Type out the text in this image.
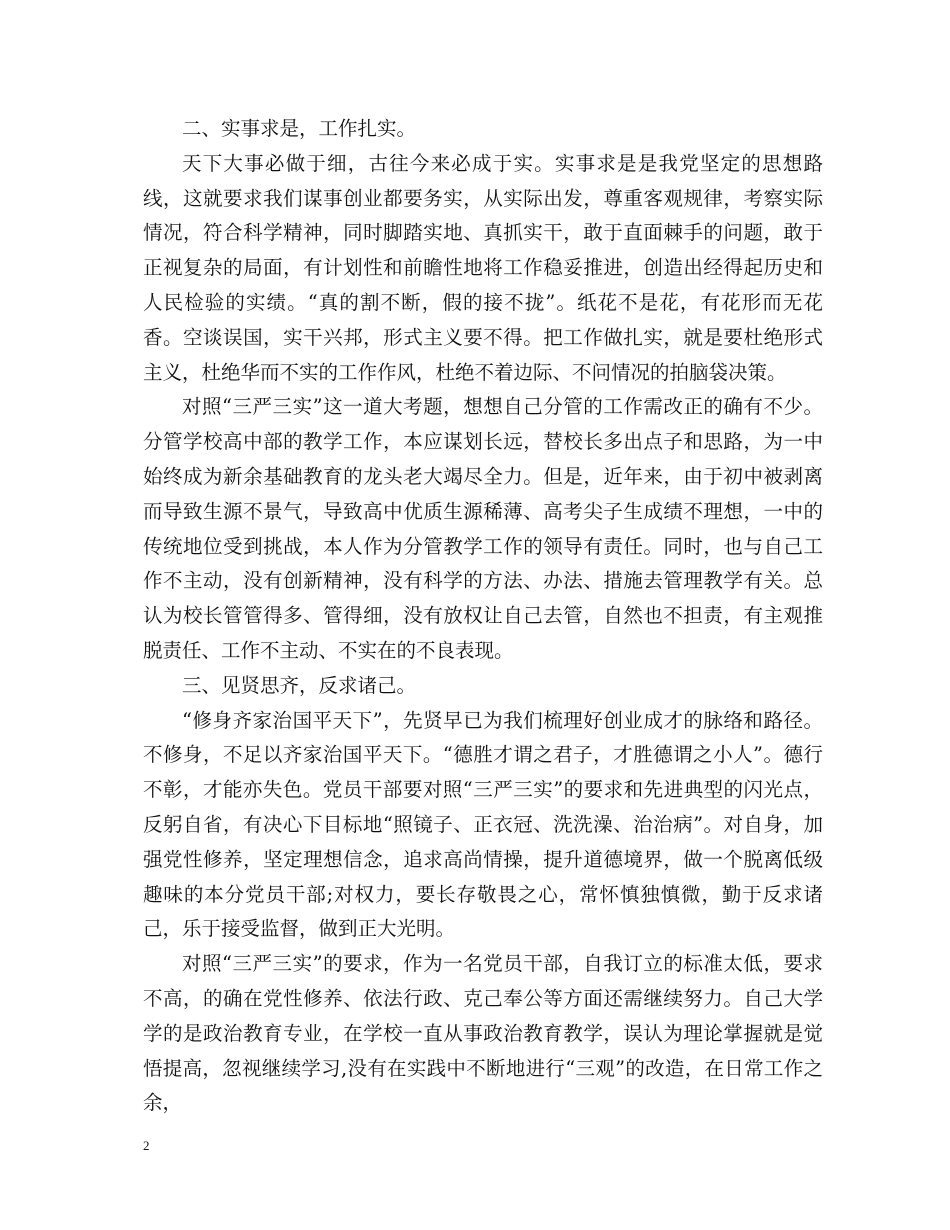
二、实事求是，工作扎实。

天下大事必做于细，古往今来必成于实。实事求是是我党坚定的思想路线，这就要求我们谋事创业都要务实，从实际出发，尊重客观规律，考察实际情况，符合科学精神，同时脚踏实地、真抓实干，敢于直面棘手的问题，敢于正视复杂的局面，有计划性和前瞻性地将工作稳妥推进，创造出经得起历史和人民检验的实绩。“真的割不断，假的接不拢”。纸花不是花，有花形而无花香。空谈误国，实干兴邦，形式主义要不得。把工作做扎实，就是要杜绝形式主义，杜绝华而不实的工作作风，杜绝不着边际、不问情况的拍脑袋决策。

对照“三严三实”这一道大考题，想想自己分管的工作需改正的确有不少。分管学校高中部的教学工作，本应谋划长远，替校长多出点子和思路，为一中始终成为新余基础教育的龙头老大竭尽全力。但是，近年来，由于初中被剥离而导致生源不景气，导致高中优质生源稀薄、高考尖子生成绩不理想，一中的传统地位受到挑战，本人作为分管教学工作的领导有责任。同时，也与自己工作不主动，没有创新精神，没有科学的方法、办法、措施去管理教学有关。总认为校长管管得多、管得细，没有放权让自己去管，自然也不担责，有主观推脱责任、工作不主动、不实在的不良表现。

三、见贤思齐，反求诸己。

“修身齐家治国平天下”，先贤早已为我们梳理好创业成才的脉络和路径。不修身，不足以齐家治国平天下。“德胜才谓之君子，才胜德谓之小人”。德行不彰，才能亦失色。党员干部要对照“三严三实”的要求和先进典型的闪光点，反躬自省，有决心下目标地“照镜子、正衣冠、洗洗澡、治治病”。对自身，加强党性修养，坚定理想信念，追求高尚情操，提升道德境界，做一个脱离低级趣味的本分党员干部;对权力，要长存敬畏之心，常怀慎独慎微，勤于反求诸己，乐于接受监督，做到正大光明。

对照“三严三实”的要求，作为一名党员干部，自我订立的标准太低，要求不高，的确在党性修养、依法行政、克己奉公等方面还需继续努力。自己大学学的是政治教育专业，在学校一直从事政治教育教学，误认为理论掌握就是觉悟提高，忽视继续学习,没有在实践中不断地进行“三观”的改造，在日常工作之余，

2
